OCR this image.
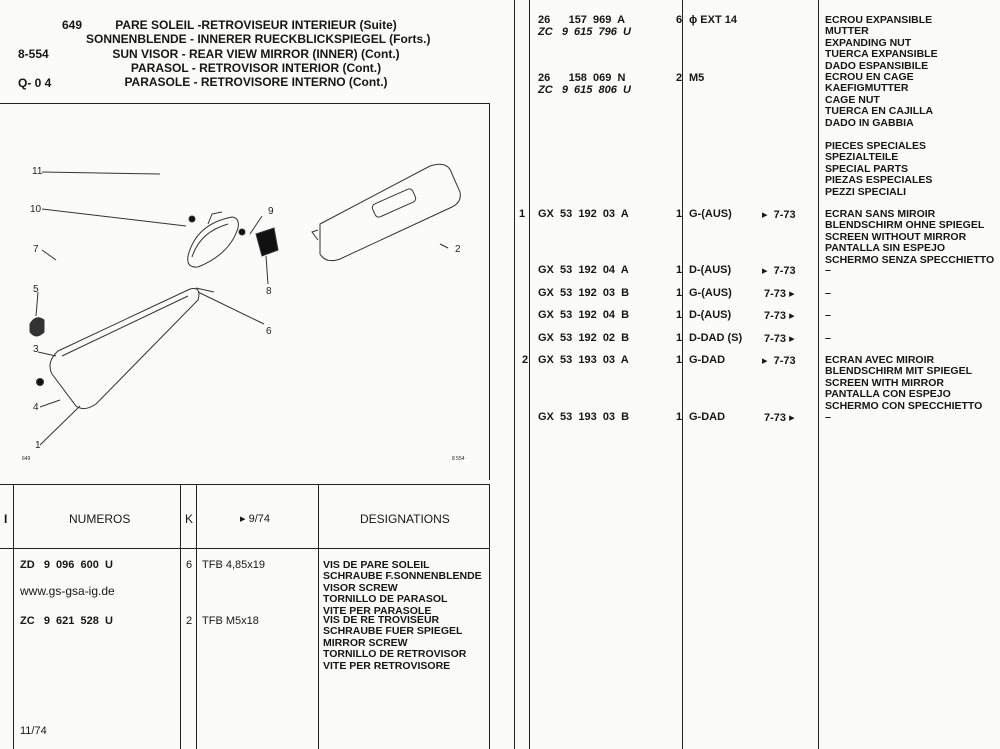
649
8-554
Q- 0 4
PARE SOLEIL -RETROVISEUR INTERIEUR (Suite)
SONNENBLENDE - INNERER RUECKBLICKSPIEGEL (Forts.)
SUN VISOR - REAR VIEW MIRROR (INNER) (Cont.)
PARASOL - RETROVISOR INTERIOR (Cont.)
PARASOLE - RETROVISORE INTERNO (Cont.)
11
10
7
5
3
4
1
9
8
6
2
649	8 554
I	NUMEROS	K	▸ 9/74	DESIGNATIONS
ZD   9  096  600  U	6 TFB 4,85x19	VIS DE PARE SOLEIL
SCHRAUBE F.SONNENBLENDE
VISOR SCREW
TORNILLO DE PARASOL
VITE PER PARASOLE
www.gs-gsa-ig.de
ZC   9  621  528  U	2 TFB M5x18	VIS DE RE TROVISEUR
SCHRAUBE FUER SPIEGEL
MIRROR SCREW
TORNILLO DE RETROVISOR
VITE PER RETROVISORE
11/74
26      157  969  A
ZC   9  615  796  U
6 ϕ EXT 14	ECROU EXPANSIBLE
MUTTER
EXPANDING NUT
TUERCA EXPANSIBLE
DADO ESPANSIBILE
26      158  069  N
ZC   9  615  806  U
2 M5	ECROU EN CAGE
KAEFIGMUTTER
CAGE NUT
TUERCA EN CAJILLA
DADO IN GABBIA
PIECES SPECIALES
SPEZIALTEILE
SPECIAL PARTS
PIEZAS ESPECIALES
PEZZI SPECIALI
1 GX  53  192  03  A	1 G-(AUS)	▸  7-73	ECRAN SANS MIROIR
BLENDSCHIRM OHNE SPIEGEL
SCREEN WITHOUT MIRROR
PANTALLA SIN ESPEJO
SCHERMO SENZA SPECCHIETTO
GX  53  192  04  A	1 D-(AUS)	▸  7-73	–
GX  53  192  03  B	1 G-(AUS)	7-73 ▸	–
GX  53  192  04  B	1 D-(AUS)	7-73 ▸	–
GX  53  192  02  B	1 D-DAD (S) 7-73 ▸	–
2 GX  53  193  03  A	1 G-DAD	▸  7-73	ECRAN AVEC MIROIR
BLENDSCHIRM MIT SPIEGEL
SCREEN WITH MIRROR
PANTALLA CON ESPEJO
SCHERMO CON SPECCHIETTO
GX  53  193  03  B	1 G-DAD	7-73 ▸	–
